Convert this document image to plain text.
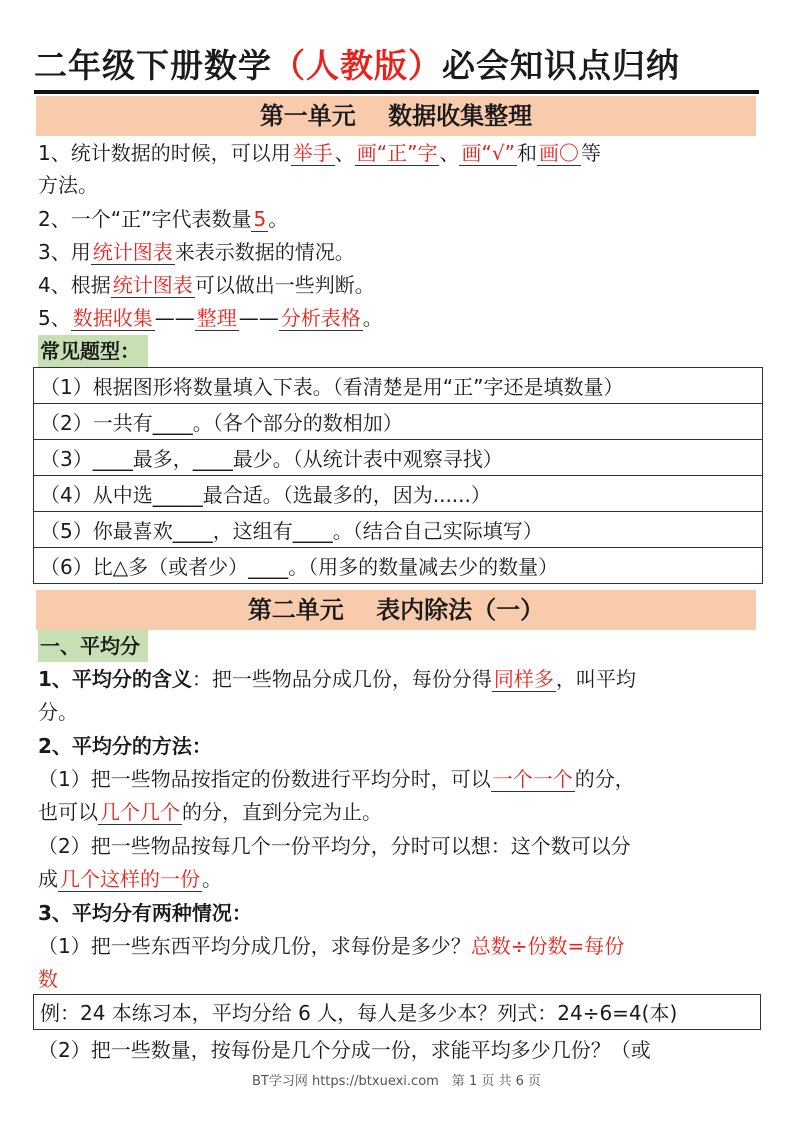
二年级下册数学（人教版）必会知识点归纳
第一单元　 数据收集整理
1、统计数据的时候，可以用 举手 、 画“正”字 、 画“√” 和 画〇 等
方法。
2、一个“正”字代表数量 5 。
3、用 统计图表 来表示数据的情况。
4、根据 统计图表 可以做出一些判断。
5、 数据收集 —— 整理 —— 分析表格 。
常见题型：
（1）根据图形将数量填入下表。（看清楚是用“正”字还是填数量）
（2）一共有____。（各个部分的数相加）
（3）____最多，____最少。（从统计表中观察寻找）
（4）从中选_____最合适。（选最多的，因为......）
（5）你最喜欢____，这组有____。（结合自己实际填写）
（6）比△多（或者少）____。（用多的数量减去少的数量）
第二单元　 表内除法（一）
一、平均分
1、平均分的含义：把一些物品分成几份，每份分得 同样多 ，叫平均
分。
2、平均分的方法：
（1）把一些物品按指定的份数进行平均分时，可以 一个一个 的分，
也可以 几个几个 的分，直到分完为止。
（2）把一些物品按每几个一份平均分，分时可以想：这个数可以分
成 几个这样的一份 。
3、平均分有两种情况：
（1）把一些东西平均分成几份，求每份是多少？总数÷份数=每份
数
例：24 本练习本，平均分给 6 人，每人是多少本？列式：24÷6=4(本)
（2）把一些数量，按每份是几个分成一份，求能平均多少几份？（或
BT学习网 https://btxuexi.com　第 1 页 共 6 页
